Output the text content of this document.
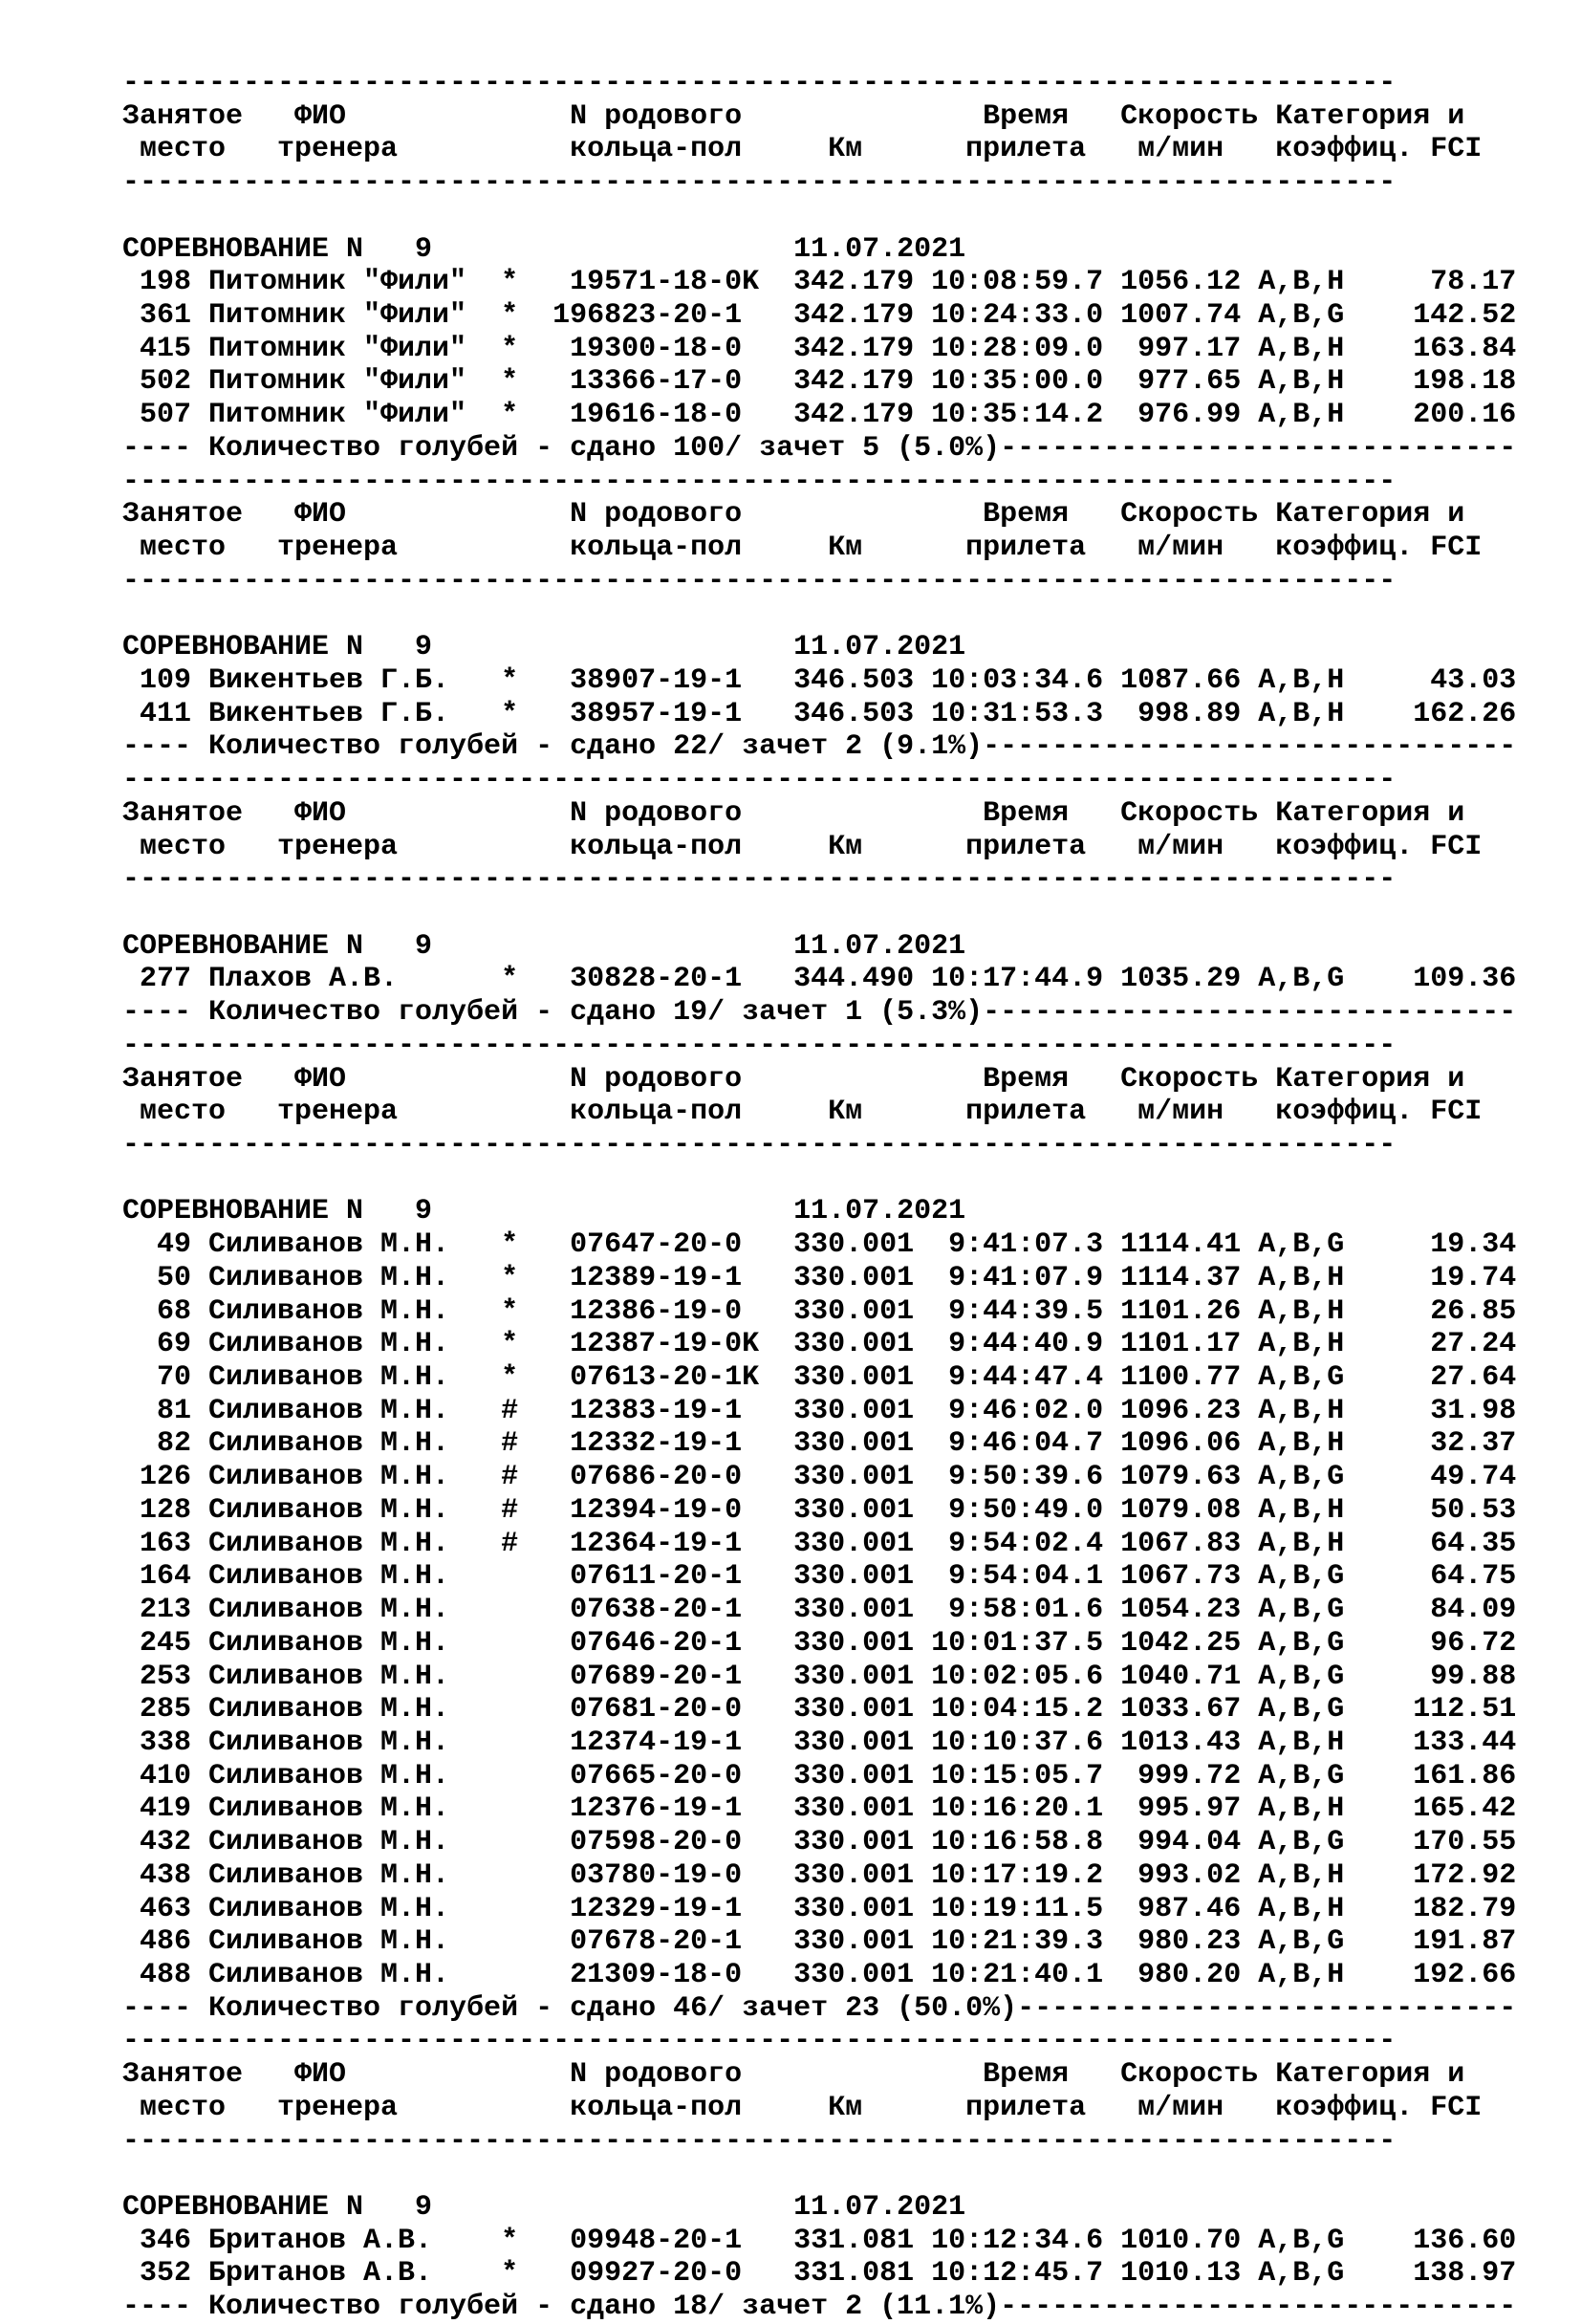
--------------------------------------------------------------------------
Занятое   ФИО             N родового              Время   Скорость Категория и
место   тренера          кольца-пол     Км      прилета   м/мин   коэффиц. FCI
--------------------------------------------------------------------------
СОРЕВНОВАНИЕ N   9                     11.07.2021
198 Питомник "Фили"  *   19571-18-0K  342.179 10:08:59.7 1056.12 A,B,H     78.17
361 Питомник "Фили"  *  196823-20-1   342.179 10:24:33.0 1007.74 A,B,G    142.52
415 Питомник "Фили"  *   19300-18-0   342.179 10:28:09.0  997.17 A,B,H    163.84
502 Питомник "Фили"  *   13366-17-0   342.179 10:35:00.0  977.65 A,B,H    198.18
507 Питомник "Фили"  *   19616-18-0   342.179 10:35:14.2  976.99 A,B,H    200.16
---- Количество голубей - сдано 100/ зачет 5 (5.0%)------------------------------
--------------------------------------------------------------------------
Занятое   ФИО             N родового              Время   Скорость Категория и
место   тренера          кольца-пол     Км      прилета   м/мин   коэффиц. FCI
--------------------------------------------------------------------------
СОРЕВНОВАНИЕ N   9                     11.07.2021
109 Викентьев Г.Б.   *   38907-19-1   346.503 10:03:34.6 1087.66 A,B,H     43.03
411 Викентьев Г.Б.   *   38957-19-1   346.503 10:31:53.3  998.89 A,B,H    162.26
---- Количество голубей - сдано 22/ зачет 2 (9.1%)-------------------------------
--------------------------------------------------------------------------
Занятое   ФИО             N родового              Время   Скорость Категория и
место   тренера          кольца-пол     Км      прилета   м/мин   коэффиц. FCI
--------------------------------------------------------------------------
СОРЕВНОВАНИЕ N   9                     11.07.2021
277 Плахов А.В.      *   30828-20-1   344.490 10:17:44.9 1035.29 A,B,G    109.36
---- Количество голубей - сдано 19/ зачет 1 (5.3%)-------------------------------
--------------------------------------------------------------------------
Занятое   ФИО             N родового              Время   Скорость Категория и
место   тренера          кольца-пол     Км      прилета   м/мин   коэффиц. FCI
--------------------------------------------------------------------------
СОРЕВНОВАНИЕ N   9                     11.07.2021
49 Силиванов М.Н.   *   07647-20-0   330.001  9:41:07.3 1114.41 A,B,G     19.34
50 Силиванов М.Н.   *   12389-19-1   330.001  9:41:07.9 1114.37 A,B,H     19.74
68 Силиванов М.Н.   *   12386-19-0   330.001  9:44:39.5 1101.26 A,B,H     26.85
69 Силиванов М.Н.   *   12387-19-0K  330.001  9:44:40.9 1101.17 A,B,H     27.24
70 Силиванов М.Н.   *   07613-20-1K  330.001  9:44:47.4 1100.77 A,B,G     27.64
81 Силиванов М.Н.   #   12383-19-1   330.001  9:46:02.0 1096.23 A,B,H     31.98
82 Силиванов М.Н.   #   12332-19-1   330.001  9:46:04.7 1096.06 A,B,H     32.37
126 Силиванов М.Н.   #   07686-20-0   330.001  9:50:39.6 1079.63 A,B,G     49.74
128 Силиванов М.Н.   #   12394-19-0   330.001  9:50:49.0 1079.08 A,B,H     50.53
163 Силиванов М.Н.   #   12364-19-1   330.001  9:54:02.4 1067.83 A,B,H     64.35
164 Силиванов М.Н.       07611-20-1   330.001  9:54:04.1 1067.73 A,B,G     64.75
213 Силиванов М.Н.       07638-20-1   330.001  9:58:01.6 1054.23 A,B,G     84.09
245 Силиванов М.Н.       07646-20-1   330.001 10:01:37.5 1042.25 A,B,G     96.72
253 Силиванов М.Н.       07689-20-1   330.001 10:02:05.6 1040.71 A,B,G     99.88
285 Силиванов М.Н.       07681-20-0   330.001 10:04:15.2 1033.67 A,B,G    112.51
338 Силиванов М.Н.       12374-19-1   330.001 10:10:37.6 1013.43 A,B,H    133.44
410 Силиванов М.Н.       07665-20-0   330.001 10:15:05.7  999.72 A,B,G    161.86
419 Силиванов М.Н.       12376-19-1   330.001 10:16:20.1  995.97 A,B,H    165.42
432 Силиванов М.Н.       07598-20-0   330.001 10:16:58.8  994.04 A,B,G    170.55
438 Силиванов М.Н.       03780-19-0   330.001 10:17:19.2  993.02 A,B,H    172.92
463 Силиванов М.Н.       12329-19-1   330.001 10:19:11.5  987.46 A,B,H    182.79
486 Силиванов М.Н.       07678-20-1   330.001 10:21:39.3  980.23 A,B,G    191.87
488 Силиванов М.Н.       21309-18-0   330.001 10:21:40.1  980.20 A,B,H    192.66
---- Количество голубей - сдано 46/ зачет 23 (50.0%)-----------------------------
--------------------------------------------------------------------------
Занятое   ФИО             N родового              Время   Скорость Категория и
место   тренера          кольца-пол     Км      прилета   м/мин   коэффиц. FCI
--------------------------------------------------------------------------
СОРЕВНОВАНИЕ N   9                     11.07.2021
346 Британов А.В.    *   09948-20-1   331.081 10:12:34.6 1010.70 A,B,G    136.60
352 Британов А.В.    *   09927-20-0   331.081 10:12:45.7 1010.13 A,B,G    138.97
---- Количество голубей - сдано 18/ зачет 2 (11.1%)------------------------------
